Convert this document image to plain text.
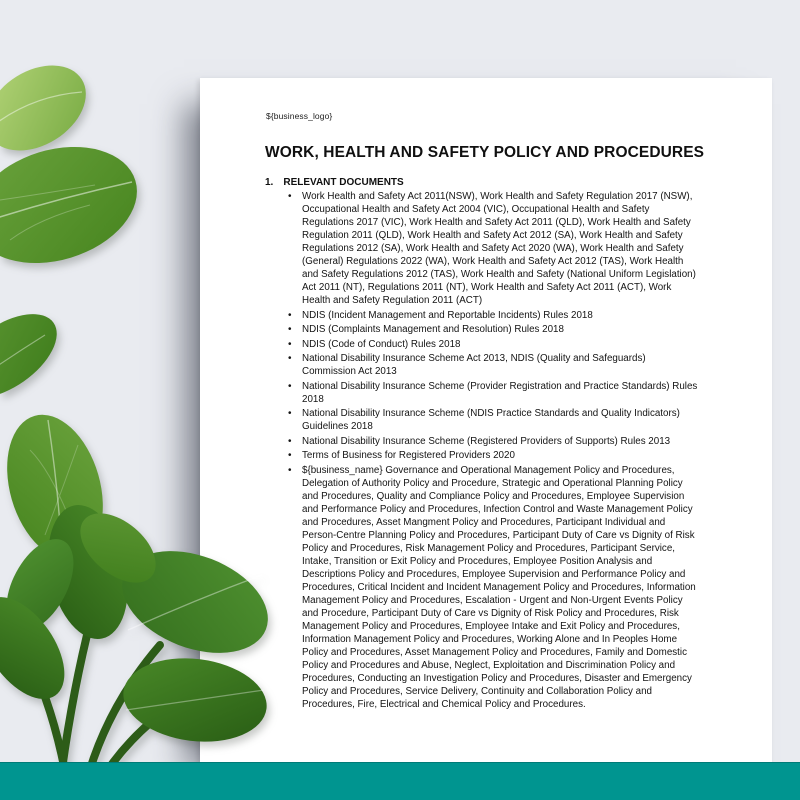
${business_logo}
WORK, HEALTH AND SAFETY POLICY AND PROCEDURES
1. RELEVANT DOCUMENTS
• Work Health and Safety Act 2011(NSW), Work Health and Safety Regulation 2017 (NSW), Occupational Health and Safety Act 2004 (VIC), Occupational Health and Safety Regulations 2017 (VIC), Work Health and Safety Act 2011 (QLD), Work Health and Safety Regulation 2011 (QLD), Work Health and Safety Act 2012 (SA), Work Health and Safety Regulations 2012 (SA), Work Health and Safety Act 2020 (WA), Work Health and Safety (General) Regulations 2022 (WA), Work Health and Safety Act 2012 (TAS), Work Health and Safety Regulations 2012 (TAS), Work Health and Safety (National Uniform Legislation) Act 2011 (NT), Regulations 2011 (NT), Work Health and Safety Act 2011 (ACT), Work Health and Safety Regulation 2011 (ACT)
• NDIS (Incident Management and Reportable Incidents) Rules 2018
• NDIS (Complaints Management and Resolution) Rules 2018
• NDIS (Code of Conduct) Rules 2018
• National Disability Insurance Scheme Act 2013, NDIS (Quality and Safeguards) Commission Act 2013
• National Disability Insurance Scheme (Provider Registration and Practice Standards) Rules 2018
• National Disability Insurance Scheme (NDIS Practice Standards and Quality Indicators) Guidelines 2018
• National Disability Insurance Scheme (Registered Providers of Supports) Rules 2013
• Terms of Business for Registered Providers 2020
• ${business_name} Governance and Operational Management Policy and Procedures, Delegation of Authority Policy and Procedure, Strategic and Operational Planning Policy and Procedures, Quality and Compliance Policy and Procedures, Employee Supervision and Performance Policy and Procedures, Infection Control and Waste Management Policy and Procedures, Asset Mangment Policy and Procedures, Participant Individual and Person-Centre Planning Policy and Procedures, Participant Duty of Care vs Dignity of Risk Policy and Procedures, Risk Management Policy and Procedures, Participant Service, Intake, Transition or Exit Policy and Procedures, Employee Position Analysis and Descriptions Policy and Procedures, Employee Supervision and Performance Policy and Procedures, Critical Incident and Incident Management Policy and Procedures, Information Management Policy and Procedures, Escalation - Urgent and Non-Urgent Events Policy and Procedure, Participant Duty of Care vs Dignity of Risk Policy and Procedures, Risk Management Policy and Procedures, Employee Intake and Exit Policy and Procedures, Information Management Policy and Procedures, Working Alone and In Peoples Home Policy and Procedures, Asset Management Policy and Procedures, Family and Domestic Policy and Procedures and Abuse, Neglect, Exploitation and Discrimination Policy and Procedures, Conducting an Investigation Policy and Procedures, Disaster and Emergency Policy and Procedures, Service Delivery, Continuity and Collaboration Policy and Procedures, Fire, Electrical and Chemical Policy and Procedures.
